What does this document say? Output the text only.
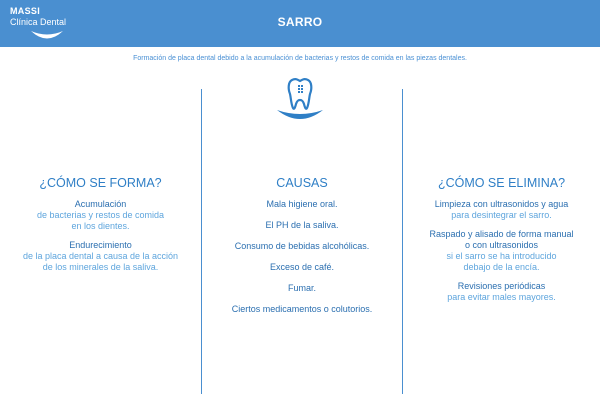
MASSI
Clínica Dental	SARRO
Formación de placa dental debido a la acumulación de bacterias y restos de comida en las piezas dentales.
¿CÓMO SE FORMA?
Acumulación
de bacterias y restos de comida
en los dientes.
Endurecimiento
de la placa dental a causa de la acción
de los minerales de la saliva.
CAUSAS
Mala higiene oral.
El PH de la saliva.
Consumo de bebidas alcohólicas.
Exceso de café.
Fumar.
Ciertos medicamentos o colutorios.
¿CÓMO SE ELIMINA?
Limpieza con ultrasonidos y agua
para desintegrar el sarro.
Raspado y alisado de forma manual
o con ultrasonidos
si el sarro se ha introducido
debajo de la encía.
Revisiones periódicas
para evitar males mayores.
